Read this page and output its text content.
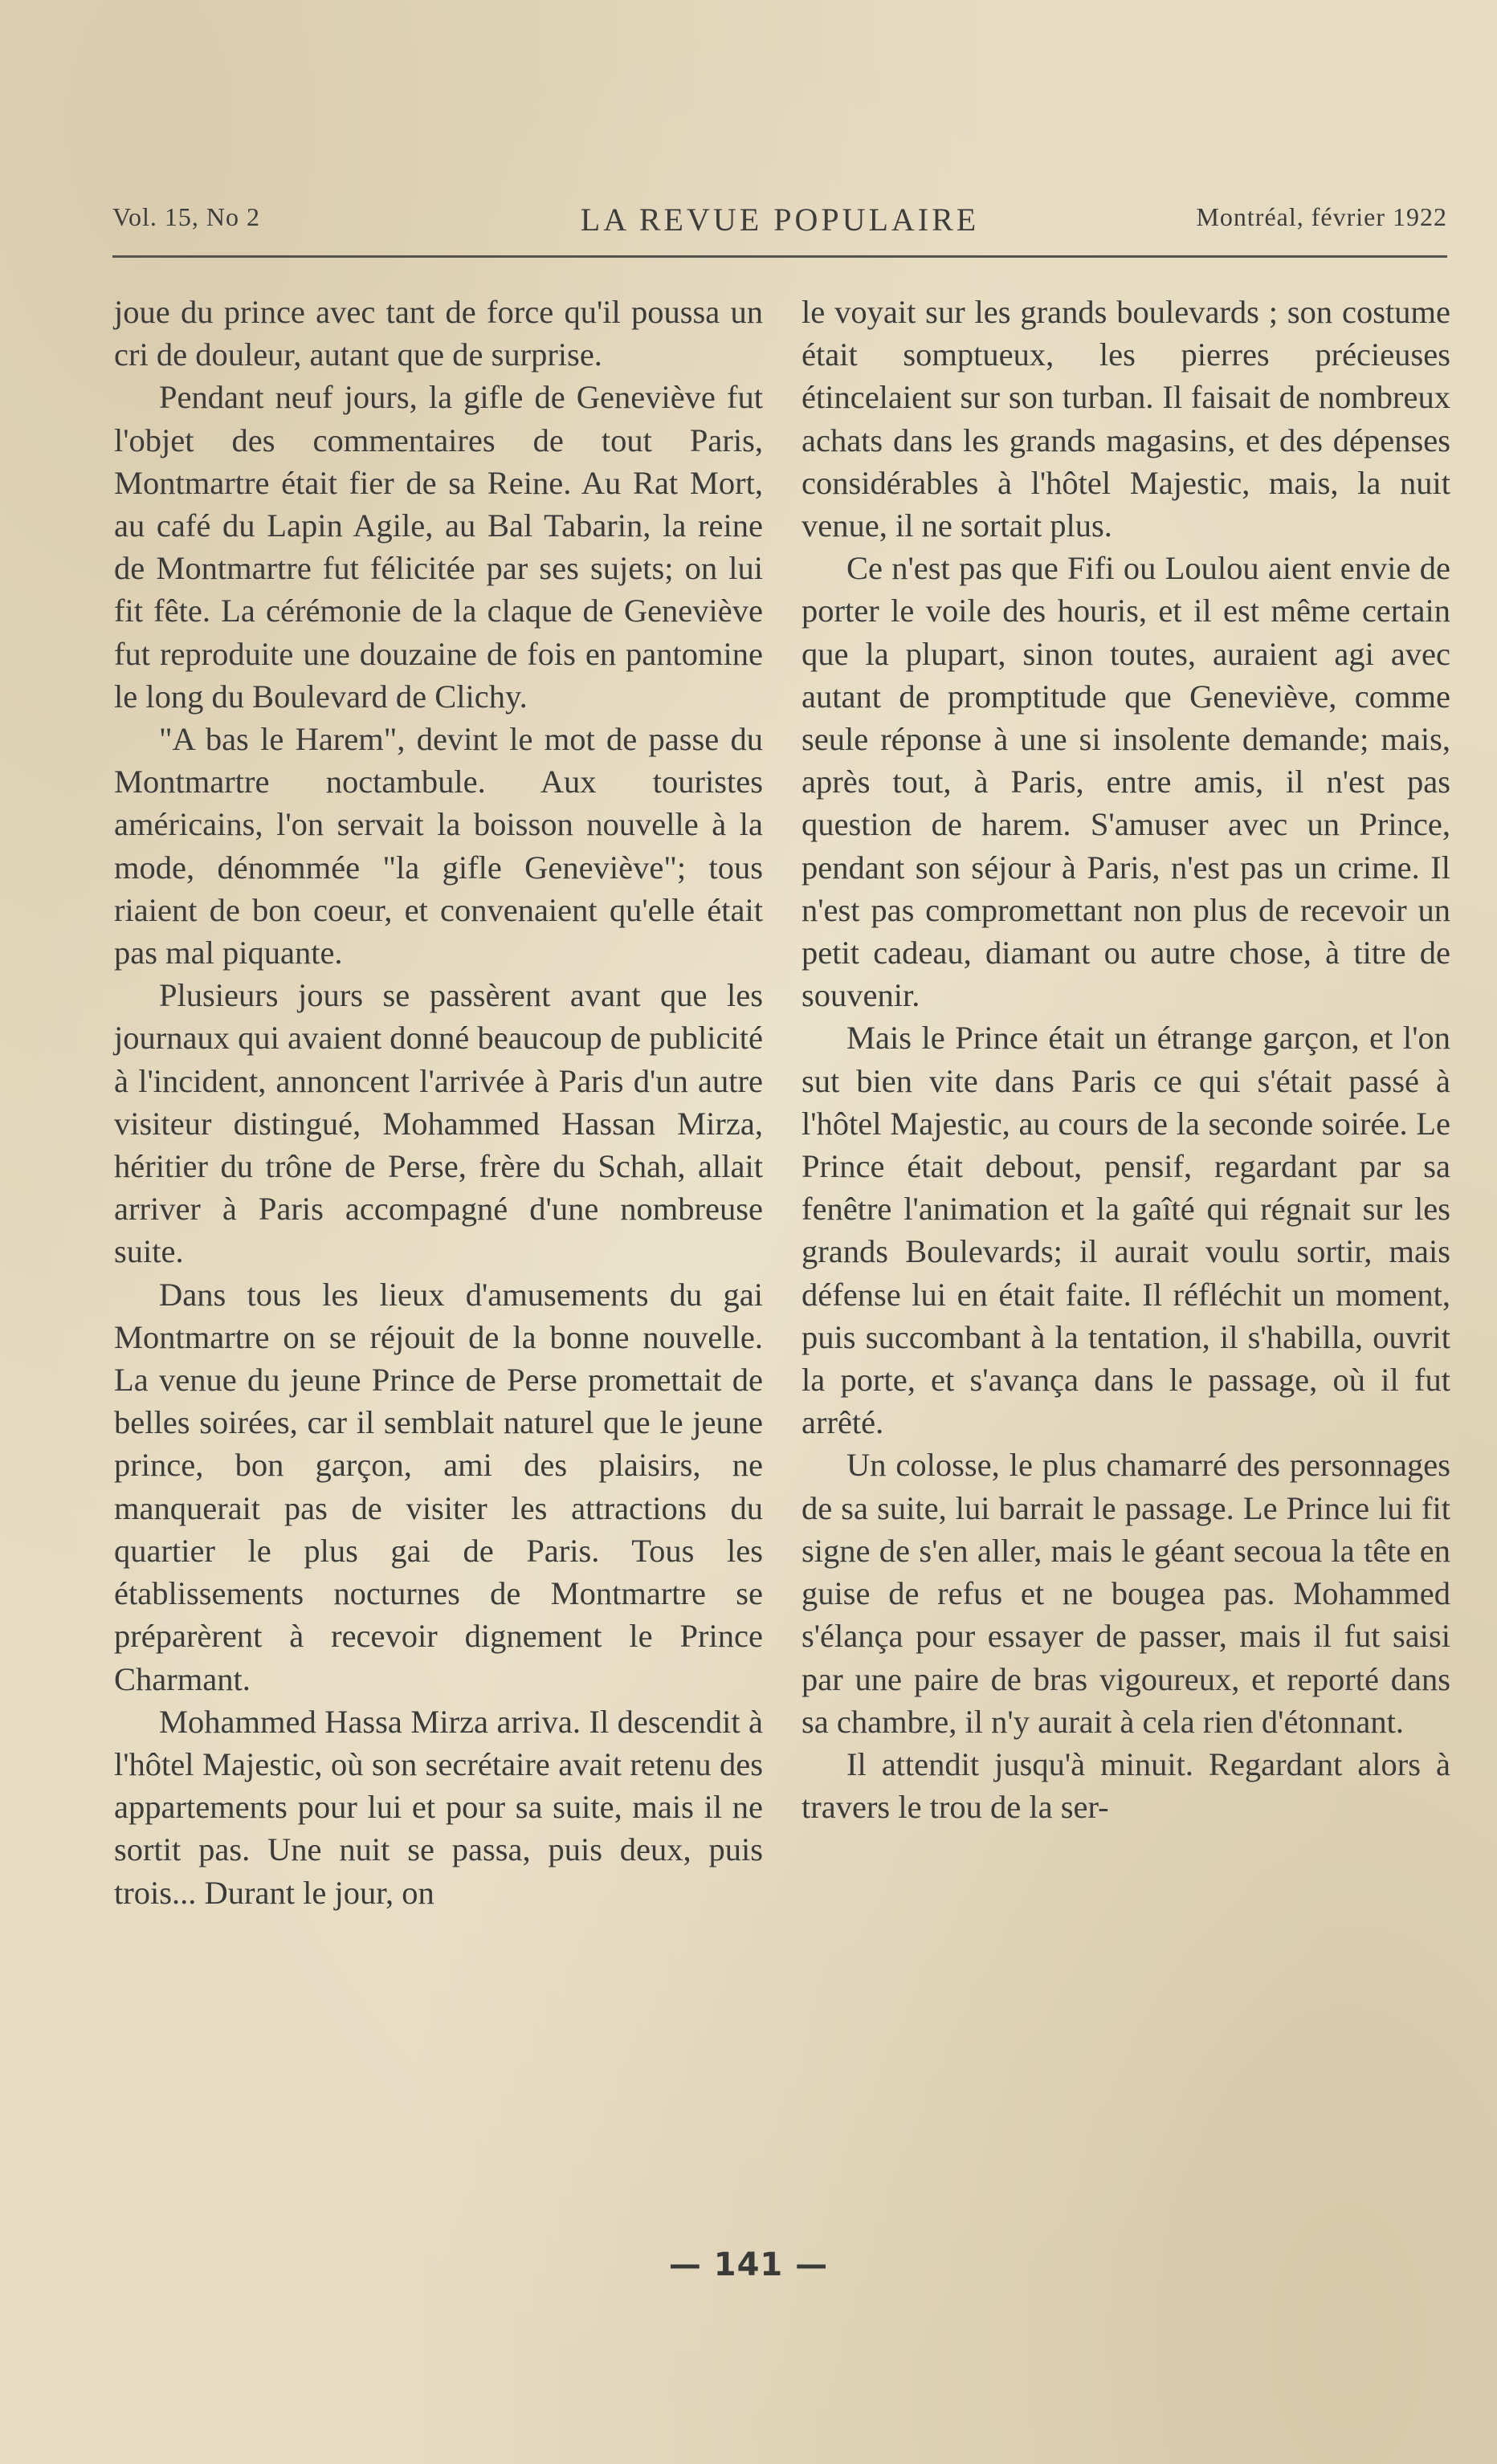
Vol. 15, No 2	LA REVUE POPULAIRE	Montréal, février 1922

joue du prince avec tant de force qu'il poussa un cri de douleur, autant que de surprise.

Pendant neuf jours, la gifle de Geneviève fut l'objet des commentaires de tout Paris, Montmartre était fier de sa Reine. Au Rat Mort, au café du Lapin Agile, au Bal Tabarin, la reine de Montmartre fut félicitée par ses sujets; on lui fit fête. La cérémonie de la claque de Geneviève fut reproduite une douzaine de fois en pantomine le long du Boulevard de Clichy.

"A bas le Harem", devint le mot de passe du Montmartre noctambule. Aux touristes américains, l'on servait la boisson nouvelle à la mode, dénommée "la gifle Geneviève"; tous riaient de bon coeur, et convenaient qu'elle était pas mal piquante.

Plusieurs jours se passèrent avant que les journaux qui avaient donné beaucoup de publicité à l'incident, annoncent l'arrivée à Paris d'un autre visiteur distingué, Mohammed Hassan Mirza, héritier du trône de Perse, frère du Schah, allait arriver à Paris accompagné d'une nombreuse suite.

Dans tous les lieux d'amusements du gai Montmartre on se réjouit de la bonne nouvelle. La venue du jeune Prince de Perse promettait de belles soirées, car il semblait naturel que le jeune prince, bon garçon, ami des plaisirs, ne manquerait pas de visiter les attractions du quartier le plus gai de Paris. Tous les établissements nocturnes de Montmartre se préparèrent à recevoir dignement le Prince Charmant.

Mohammed Hassa Mirza arriva. Il descendit à l'hôtel Majestic, où son secrétaire avait retenu des appartements pour lui et pour sa suite, mais il ne sortit pas. Une nuit se passa, puis deux, puis trois... Durant le jour, on

le voyait sur les grands boulevards ; son costume était somptueux, les pierres précieuses étincelaient sur son turban. Il faisait de nombreux achats dans les grands magasins, et des dépenses considérables à l'hôtel Majestic, mais, la nuit venue, il ne sortait plus.

Ce n'est pas que Fifi ou Loulou aient envie de porter le voile des houris, et il est même certain que la plupart, sinon toutes, auraient agi avec autant de promptitude que Geneviève, comme seule réponse à une si insolente demande; mais, après tout, à Paris, entre amis, il n'est pas question de harem. S'amuser avec un Prince, pendant son séjour à Paris, n'est pas un crime. Il n'est pas compromettant non plus de recevoir un petit cadeau, diamant ou autre chose, à titre de souvenir.

Mais le Prince était un étrange garçon, et l'on sut bien vite dans Paris ce qui s'était passé à l'hôtel Majestic, au cours de la seconde soirée. Le Prince était debout, pensif, regardant par sa fenêtre l'animation et la gaîté qui régnait sur les grands Boulevards; il aurait voulu sortir, mais défense lui en était faite. Il réfléchit un moment, puis succombant à la tentation, il s'habilla, ouvrit la porte, et s'avança dans le passage, où il fut arrêté.

Un colosse, le plus chamarré des personnages de sa suite, lui barrait le passage. Le Prince lui fit signe de s'en aller, mais le géant secoua la tête en guise de refus et ne bougea pas. Mohammed s'élança pour essayer de passer, mais il fut saisi par une paire de bras vigoureux, et reporté dans sa chambre, il n'y aurait à cela rien d'étonnant.

Il attendit jusqu'à minuit. Regardant alors à travers le trou de la ser-

— 141 —
